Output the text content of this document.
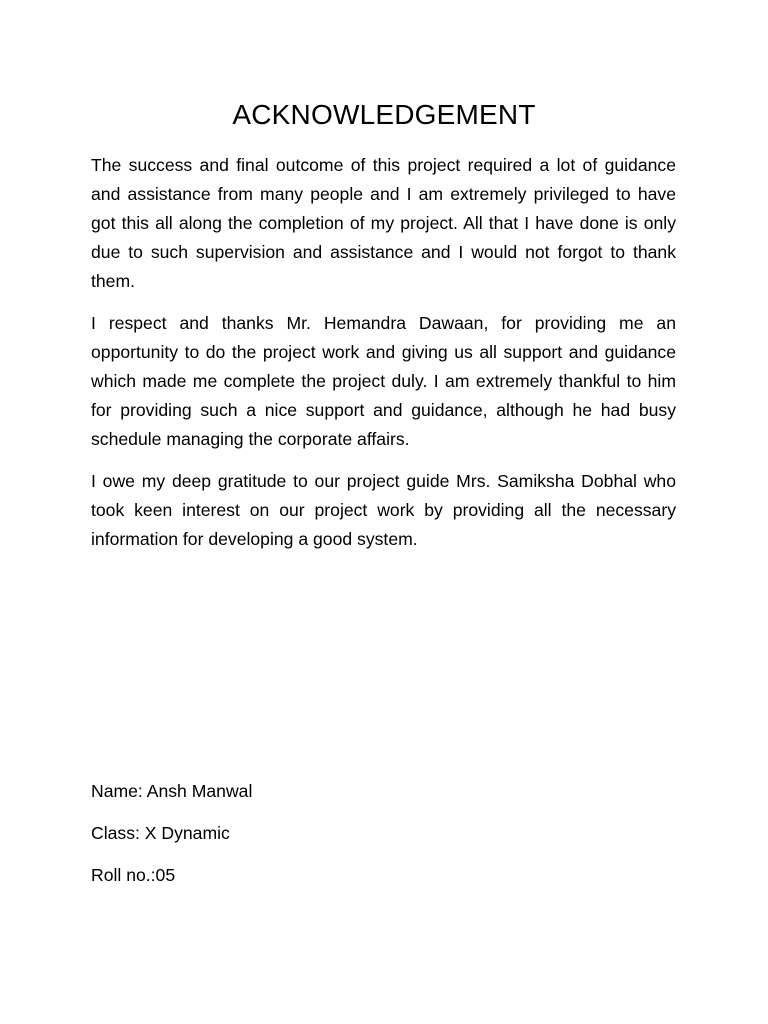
ACKNOWLEDGEMENT

The success and final outcome of this project required a lot of guidance and assistance from many people and I am extremely privileged to have got this all along the completion of my project. All that I have done is only due to such supervision and assistance and I would not forgot to thank them.

I respect and thanks Mr. Hemandra Dawaan, for providing me an opportunity to do the project work and giving us all support and guidance which made me complete the project duly. I am extremely thankful to him for providing such a nice support and guidance, although he had busy schedule managing the corporate affairs.

I owe my deep gratitude to our project guide Mrs. Samiksha Dobhal who took keen interest on our project work by providing all the necessary information for developing a good system.

Name: Ansh Manwal

Class: X Dynamic

Roll no.:05
